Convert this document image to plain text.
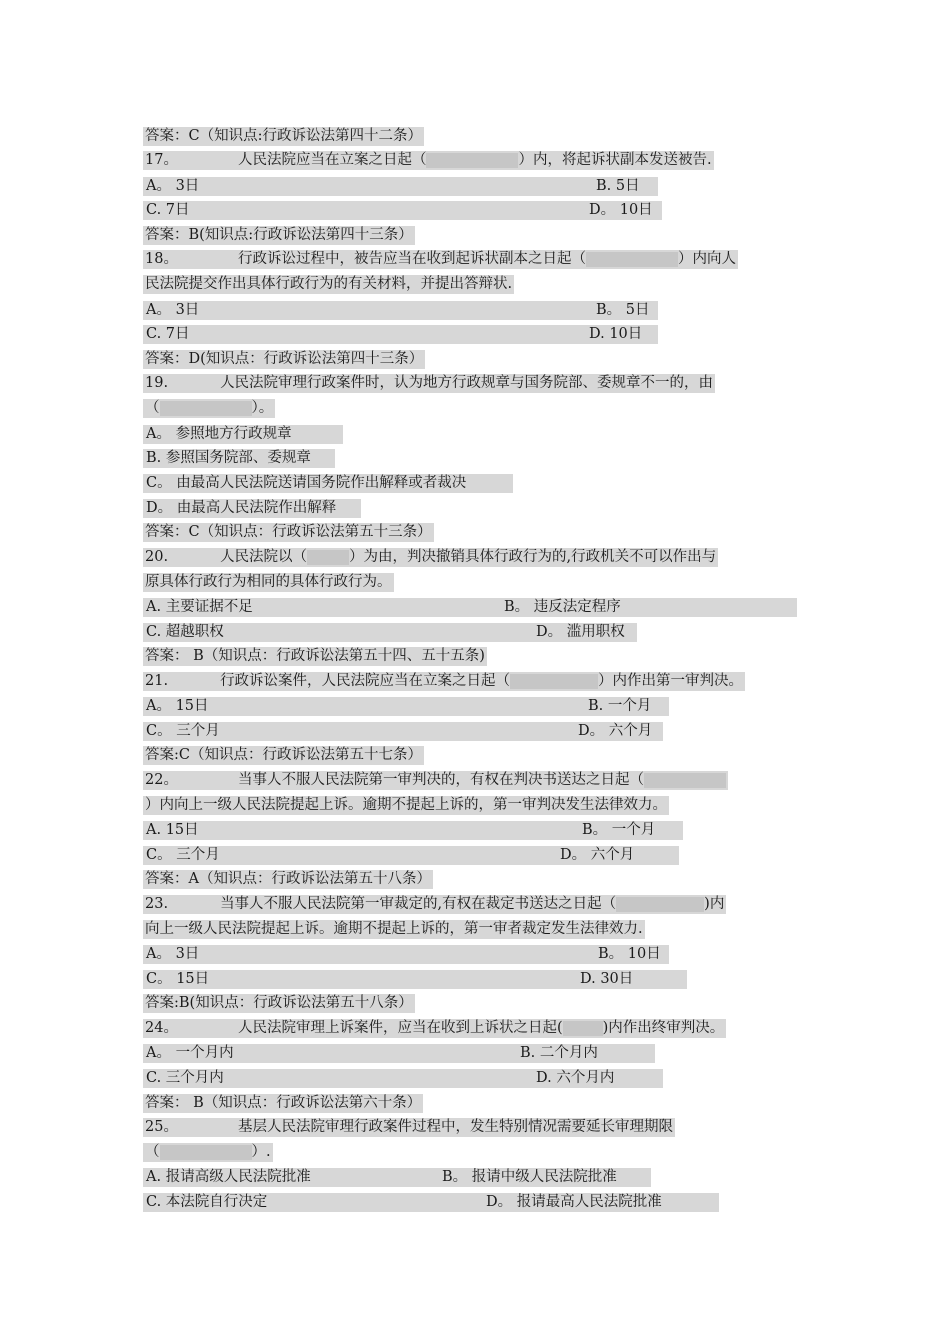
答案：C（知识点:行政诉讼法第四十二条）
17。	人民法院应当在立案之日起（	）内，将起诉状副本发送被告.
A。 3日	B. 5日
C. 7日	D。 10日
答案：B(知识点:行政诉讼法第四十三条）
18。	行政诉讼过程中，被告应当在收到起诉状副本之日起（	）内向人
民法院提交作出具体行政行为的有关材料，并提出答辩状.
A。 3日	B。 5日
C. 7日	D. 10日
答案：D(知识点：行政诉讼法第四十三条）
19.	人民法院审理行政案件时，认为地方行政规章与国务院部、委规章不一的，由
（	）。
A。 参照地方行政规章
B. 参照国务院部、委规章
C。 由最高人民法院送请国务院作出解释或者裁决
D。 由最高人民法院作出解释
答案：C（知识点：行政诉讼法第五十三条）
20.	人民法院以（	）为由，判决撤销具体行政行为的,行政机关不可以作出与
原具体行政行为相同的具体行政行为。
A. 主要证据不足	B。 违反法定程序
C. 超越职权	D。 滥用职权
答案： B（知识点：行政诉讼法第五十四、五十五条)
21.	行政诉讼案件，人民法院应当在立案之日起（	）内作出第一审判决。
A。 15日	B. 一个月
C。 三个月	D。 六个月
答案:C（知识点：行政诉讼法第五十七条）
22。	当事人不服人民法院第一审判决的，有权在判决书送达之日起（
）内向上一级人民法院提起上诉。逾期不提起上诉的，第一审判决发生法律效力。
A. 15日	B。 一个月
C。 三个月	D。 六个月
答案：A（知识点：行政诉讼法第五十八条）
23.	当事人不服人民法院第一审裁定的,有权在裁定书送达之日起（	)内
向上一级人民法院提起上诉。逾期不提起上诉的，第一审者裁定发生法律效力.
A。 3日	B。 10日
C。 15日	D. 30日
答案:B(知识点：行政诉讼法第五十八条）
24。	人民法院审理上诉案件，应当在收到上诉状之日起(	)内作出终审判决。
A。 一个月内	B. 二个月内
C. 三个月内	D. 六个月内
答案： B（知识点：行政诉讼法第六十条）
25。	基层人民法院审理行政案件过程中，发生特别情况需要延长审理期限
（	）.
A. 报请高级人民法院批准	B。 报请中级人民法院批准
C. 本法院自行决定	D。 报请最高人民法院批准
